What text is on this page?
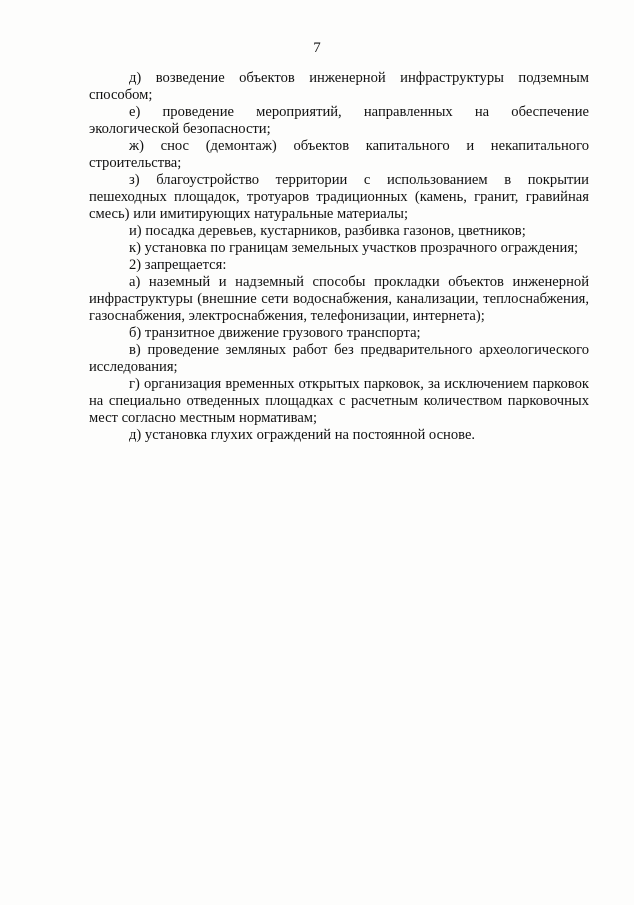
7

д) возведение объектов инженерной инфраструктуры подземным способом;

е) проведение мероприятий, направленных на обеспечение экологической безопасности;

ж) снос (демонтаж) объектов капитального и некапитального строительства;

з) благоустройство территории с использованием в покрытии пешеходных площадок, тротуаров традиционных (камень, гранит, гравийная смесь) или имитирующих натуральные материалы;

и) посадка деревьев, кустарников, разбивка газонов, цветников;

к) установка по границам земельных участков прозрачного ограждения;

2) запрещается:

а) наземный и надземный способы прокладки объектов инженерной инфраструктуры (внешние сети водоснабжения, канализации, теплоснабжения, газоснабжения, электроснабжения, телефонизации, интернета);

б) транзитное движение грузового транспорта;

в) проведение земляных работ без предварительного археологического исследования;

г) организация временных открытых парковок, за исключением парковок на специально отведенных площадках с расчетным количеством парковочных мест согласно местным нормативам;

д) установка глухих ограждений на постоянной основе.
